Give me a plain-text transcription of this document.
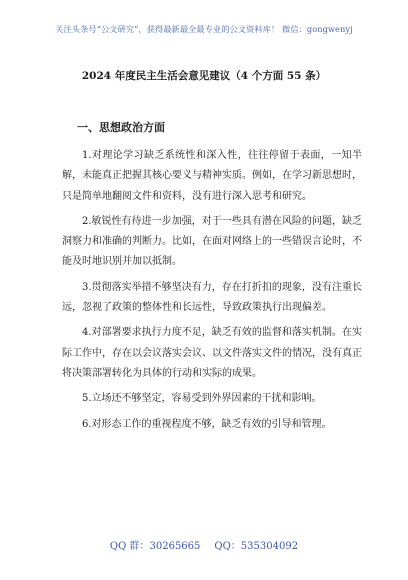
关注头条号“公文研究”，获得最新最全最专业的公文资料库！ 微信：gongwenyj
2024 年度民主生活会意见建议（4 个方面 55 条）
一、思想政治方面

1.对理论学习缺乏系统性和深入性，往往停留于表面，一知半解，未能真正把握其核心要义与精神实质。例如，在学习新思想时，只是简单地翻阅文件和资料，没有进行深入思考和研究。

2.敏锐性有待进一步加强，对于一些具有潜在风险的问题，缺乏洞察力和准确的判断力。比如，在面对网络上的一些错误言论时，不能及时地识别并加以抵制。

3.贯彻落实举措不够坚决有力，存在打折扣的现象，没有注重长远，忽视了政策的整体性和长远性，导致政策执行出现偏差。

4.对部署要求执行力度不足，缺乏有效的监督和落实机制。在实际工作中，存在以会议落实会议、以文件落实文件的情况，没有真正将决策部署转化为具体的行动和实际的成果。

5.立场还不够坚定，容易受到外界因素的干扰和影响。

6.对形态工作的重视程度不够，缺乏有效的引导和管理。

QQ 群：30265665 QQ：535304092
